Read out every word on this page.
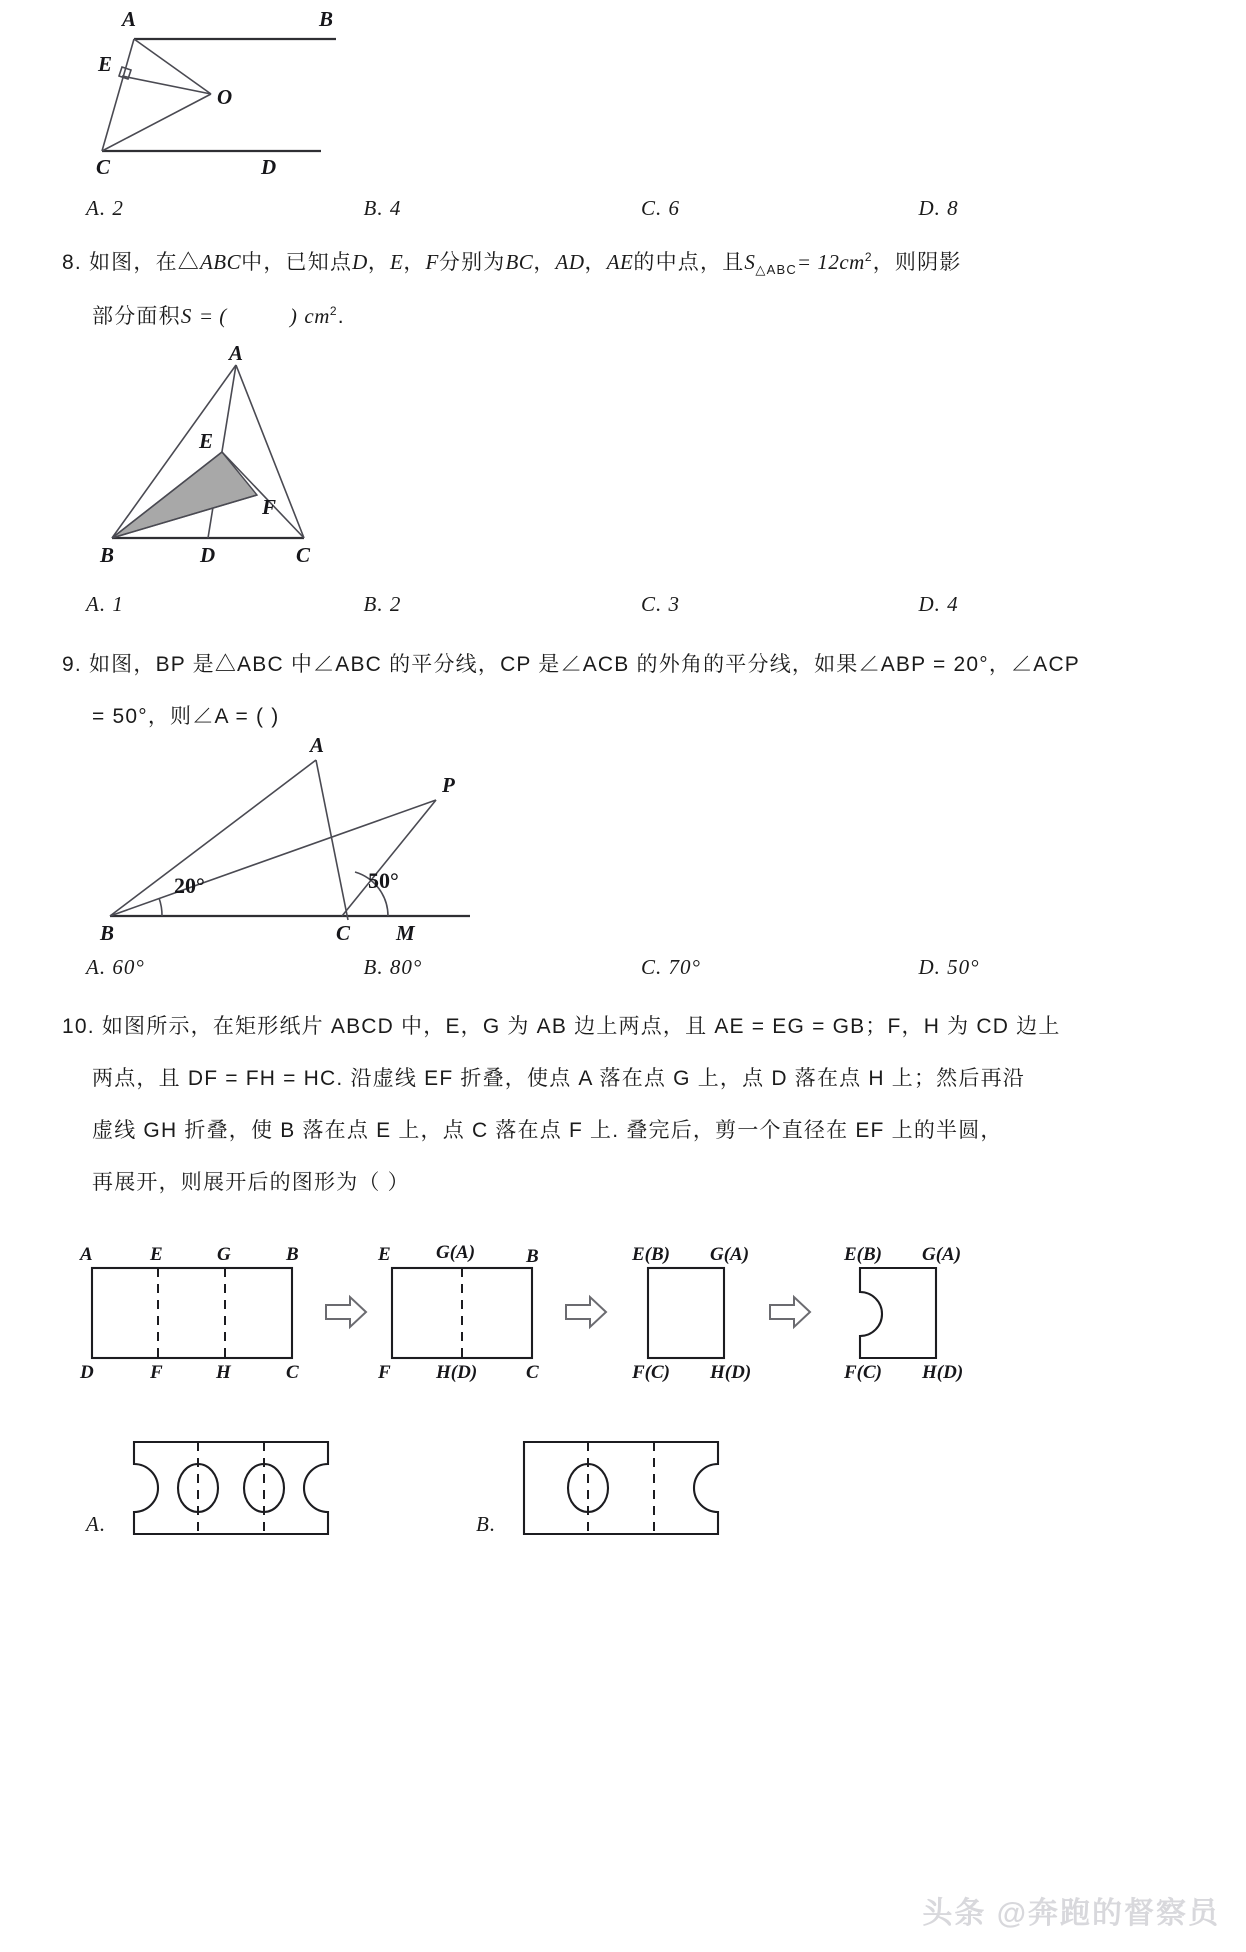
A	B
E
O
C	D
A. 2	B. 4	C. 6	D. 8
8. 如图，在△ABC中，已知点D，E，F分别为BC，AD，AE的中点，且$S_{\triangle ABC}= 12cm^2$，则阴影
部分面积S = (	) $cm^2$.
A
E
F
B	D	C
A. 1	B. 2	C. 3	D. 4
9. 如图，BP 是△ABC 中∠ABC 的平分线，CP 是∠ACB 的外角的平分线，如果∠ABP = 20°，∠ACP
= 50°，则∠A = ( )
20°	50°
A
P
B	C M
A. 60°	B. 80°	C. 70°	D. 50°
10. 如图所示，在矩形纸片 ABCD 中，E，G 为 AB 边上两点，且 AE = EG = GB；F，H 为 CD 边上
两点，且 DF = FH = HC. 沿虚线 EF 折叠，使点 A 落在点 G 上，点 D 落在点 H 上；然后再沿
虚线 GH 折叠，使 B 落在点 E 上，点 C 落在点 F 上. 叠完后，剪一个直径在 EF 上的半圆，
再展开，则展开后的图形为（ ）
A	E	G	B
D	F	H	C
E G(A)	B
F H(D)	C
E(B) G(A)
F(C) H(D)
E(B) G(A)
F(C) H(D)
A.	B.
头条 @奔跑的督察员
